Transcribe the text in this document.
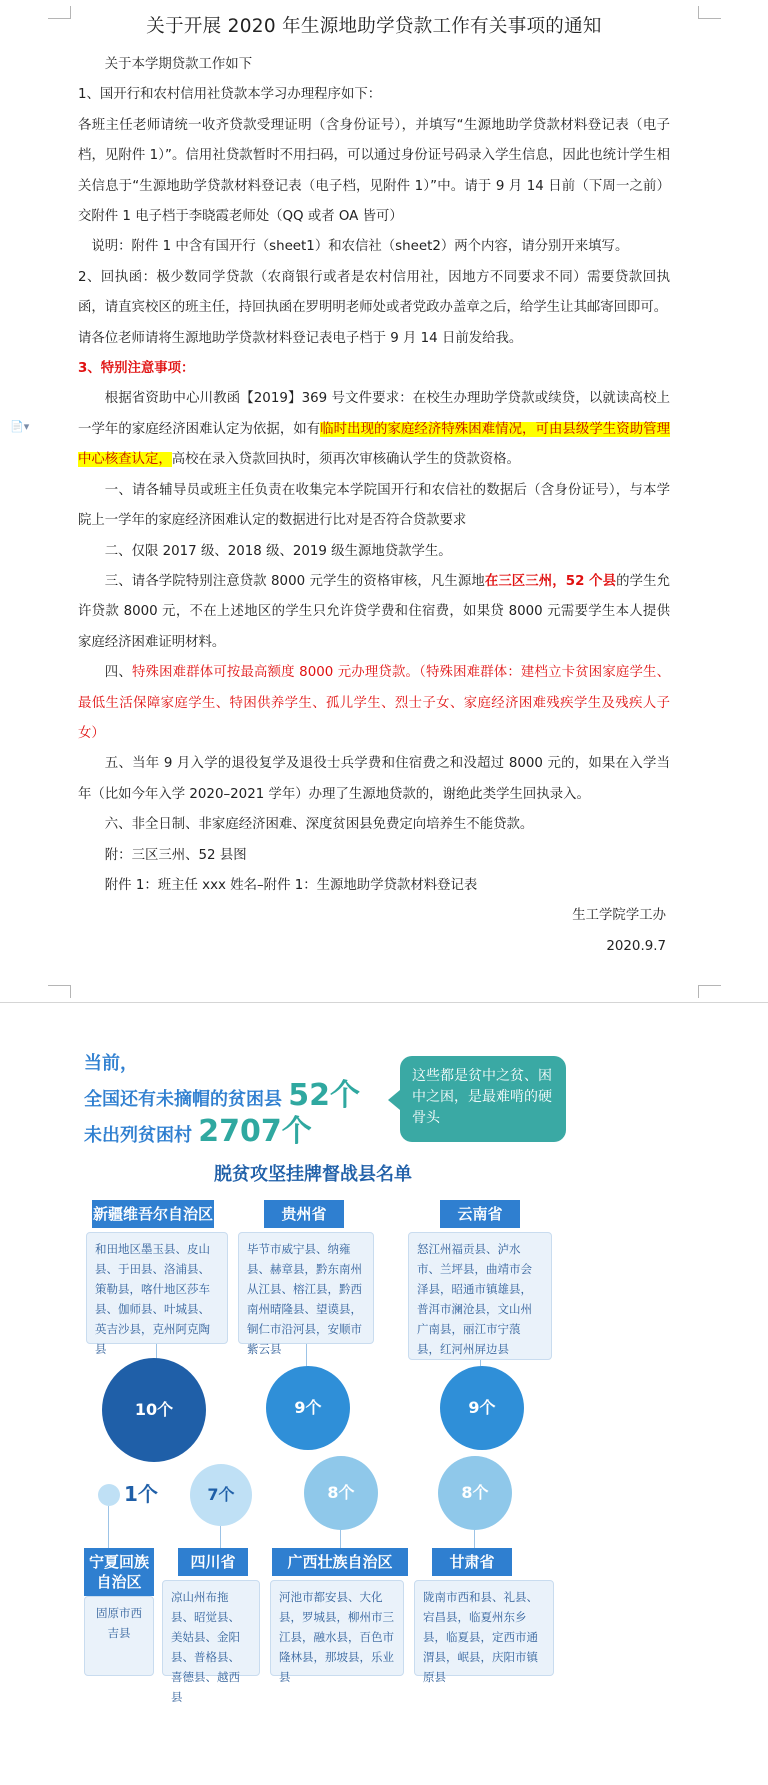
📄▾

关于开展 2020 年生源地助学贷款工作有关事项的通知

关于本学期贷款工作如下

1、国开行和农村信用社贷款本学习办理程序如下：

各班主任老师请统一收齐贷款受理证明（含身份证号），并填写“生源地助学贷款材料登记表（电子档，见附件 1）”。信用社贷款暂时不用扫码，可以通过身份证号码录入学生信息，因此也统计学生相关信息于“生源地助学贷款材料登记表（电子档，见附件 1）”中。请于 9 月 14 日前（下周一之前）交附件 1 电子档于李晓霞老师处（QQ 或者 OA 皆可）

说明：附件 1 中含有国开行（sheet1）和农信社（sheet2）两个内容，请分别开来填写。

2、回执函：极少数同学贷款（农商银行或者是农村信用社，因地方不同要求不同）需要贷款回执函，请直宾校区的班主任，持回执函在罗明明老师处或者党政办盖章之后，给学生让其邮寄回即可。

请各位老师请将生源地助学贷款材料登记表电子档于 9 月 14 日前发给我。

3、特别注意事项：

根据省资助中心川教函【2019】369 号文件要求：在校生办理助学贷款或续贷，以就读高校上一学年的家庭经济困难认定为依据，如有临时出现的家庭经济特殊困难情况，可由县级学生资助管理中心核查认定，高校在录入贷款回执时，须再次审核确认学生的贷款资格。

一、请各辅导员或班主任负责在收集完本学院国开行和农信社的数据后（含身份证号），与本学院上一学年的家庭经济困难认定的数据进行比对是否符合贷款要求

二、仅限 2017 级、2018 级、2019 级生源地贷款学生。

三、请各学院特别注意贷款 8000 元学生的资格审核，凡生源地在三区三州，52 个县的学生允许贷款 8000 元，不在上述地区的学生只允许贷学费和住宿费，如果贷 8000 元需要学生本人提供家庭经济困难证明材料。

四、特殊困难群体可按最高额度 8000 元办理贷款。（特殊困难群体：建档立卡贫困家庭学生、最低生活保障家庭学生、特困供养学生、孤儿学生、烈士子女、家庭经济困难残疾学生及残疾人子女）

五、当年 9 月入学的退役复学及退役士兵学费和住宿费之和没超过 8000 元的，如果在入学当年（比如今年入学 2020–2021 学年）办理了生源地贷款的，谢绝此类学生回执录入。

六、非全日制、非家庭经济困难、深度贫困县免费定向培养生不能贷款。

附：三区三州、52 县图

附件 1：班主任 xxx 姓名–附件 1：生源地助学贷款材料登记表

生工学院学工办

2020.9.7

当前，
全国还有未摘帽的贫困县 52个
未出列贫困村 2707个
这些都是贫中之贫、困中之困，是最难啃的硬骨头
脱贫攻坚挂牌督战县名单
新疆维吾尔自治区
和田地区墨玉县、皮山县、于田县、洛浦县、策勒县，喀什地区莎车县、伽师县、叶城县、英吉沙县，克州阿克陶县
贵州省
毕节市威宁县、纳雍县、赫章县，黔东南州从江县、榕江县，黔西南州晴隆县、望谟县，铜仁市沿河县，安顺市紫云县
云南省
怒江州福贡县、泸水市、兰坪县，曲靖市会泽县，昭通市镇雄县，普洱市澜沧县，文山州广南县，丽江市宁蒗县，红河州屏边县
10个	9个	9个
1个	7个	8个	8个
宁夏回族自治区
固原市西吉县
四川省
凉山州布拖县、昭觉县、美姑县、金阳县、普格县、喜德县、越西县
广西壮族自治区
河池市都安县、大化县，罗城县，柳州市三江县，融水县，百色市隆林县，那坡县，乐业县
甘肃省
陇南市西和县、礼县、宕昌县，临夏州东乡县，临夏县，定西市通渭县，岷县，庆阳市镇原县
